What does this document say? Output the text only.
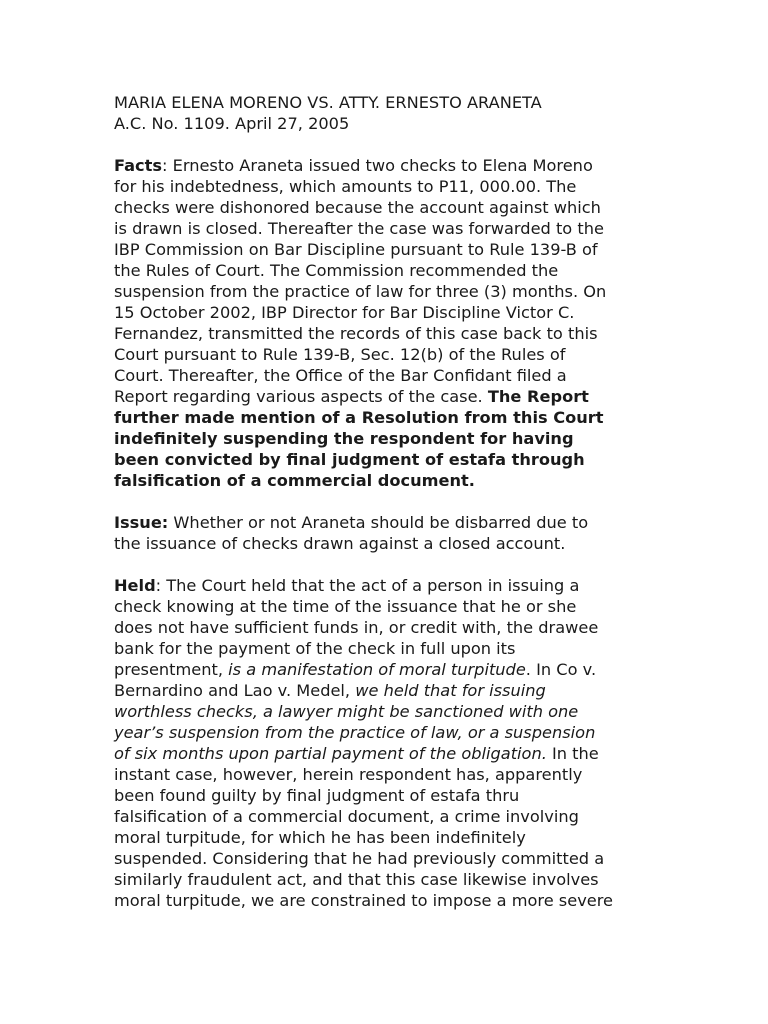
MARIA ELENA MORENO VS. ATTY. ERNESTO ARANETA
A.C. No. 1109. April 27, 2005
Facts: Ernesto Araneta issued two checks to Elena Moreno
for his indebtedness, which amounts to P11, 000.00. The
checks were dishonored because the account against which
is drawn is closed. Thereafter the case was forwarded to the
IBP Commission on Bar Discipline pursuant to Rule 139-B of
the Rules of Court. The Commission recommended the
suspension from the practice of law for three (3) months. On
15 October 2002, IBP Director for Bar Discipline Victor C.
Fernandez, transmitted the records of this case back to this
Court pursuant to Rule 139-B, Sec. 12(b) of the Rules of
Court. Thereafter, the Office of the Bar Confidant filed a
Report regarding various aspects of the case. The Report
further made mention of a Resolution from this Court
indefinitely suspending the respondent for having
been convicted by final judgment of estafa through
falsification of a commercial document.
Issue: Whether or not Araneta should be disbarred due to
the issuance of checks drawn against a closed account.
Held: The Court held that the act of a person in issuing a
check knowing at the time of the issuance that he or she
does not have sufficient funds in, or credit with, the drawee
bank for the payment of the check in full upon its
presentment, is a manifestation of moral turpitude. In Co v.
Bernardino and Lao v. Medel, we held that for issuing
worthless checks, a lawyer might be sanctioned with one
year’s suspension from the practice of law, or a suspension
of six months upon partial payment of the obligation. In the
instant case, however, herein respondent has, apparently
been found guilty by final judgment of estafa thru
falsification of a commercial document, a crime involving
moral turpitude, for which he has been indefinitely
suspended. Considering that he had previously committed a
similarly fraudulent act, and that this case likewise involves
moral turpitude, we are constrained to impose a more severe
